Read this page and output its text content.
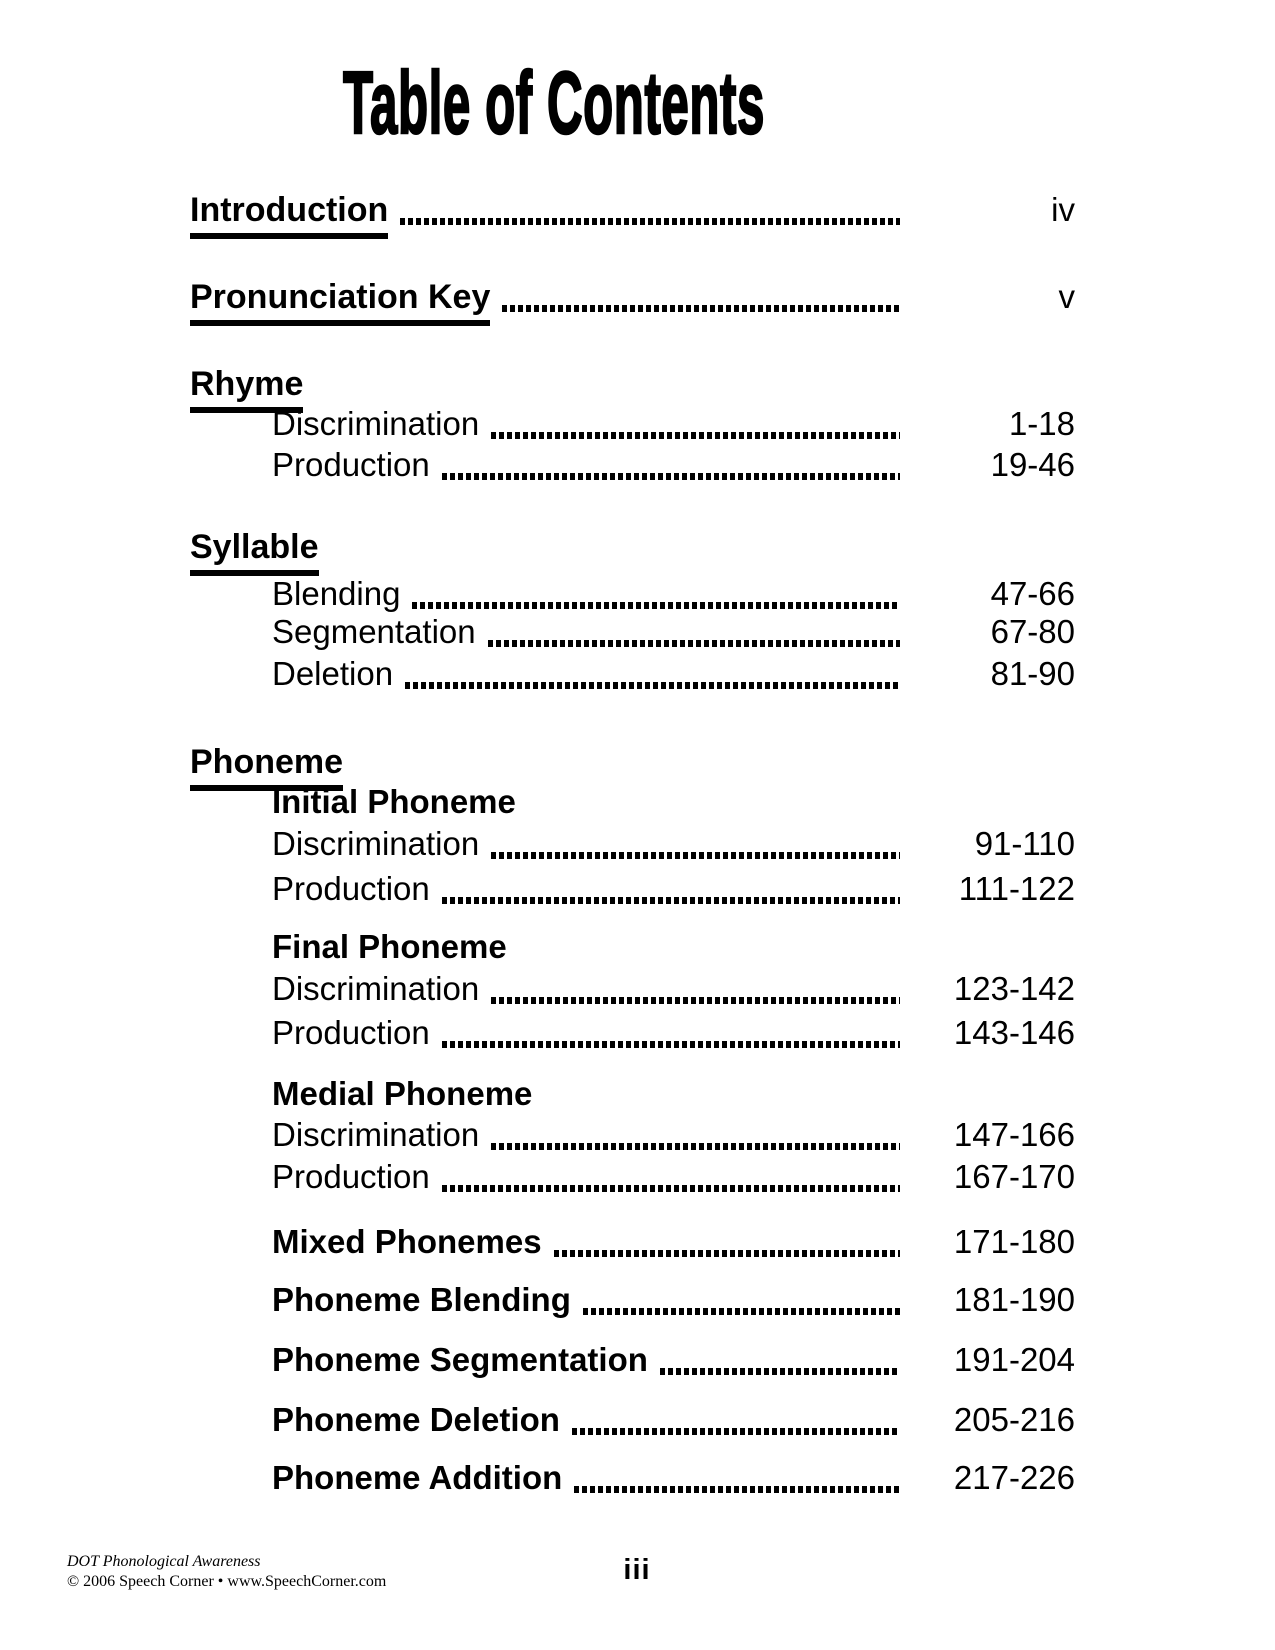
Table of Contents
Introduction	iv
Pronunciation Key	v
Rhyme
Discrimination	1-18
Production	19-46
Syllable
Blending	47-66
Segmentation	67-80
Deletion	81-90
Phoneme
Initial Phoneme
Discrimination	91-110
Production	111-122
Final Phoneme
Discrimination	123-142
Production	143-146
Medial Phoneme
Discrimination	147-166
Production	167-170
Mixed Phonemes	171-180
Phoneme Blending	181-190
Phoneme Segmentation	191-204
Phoneme Deletion	205-216
Phoneme Addition	217-226
DOT Phonological Awareness
© 2006 Speech Corner • www.SpeechCorner.com	iii
